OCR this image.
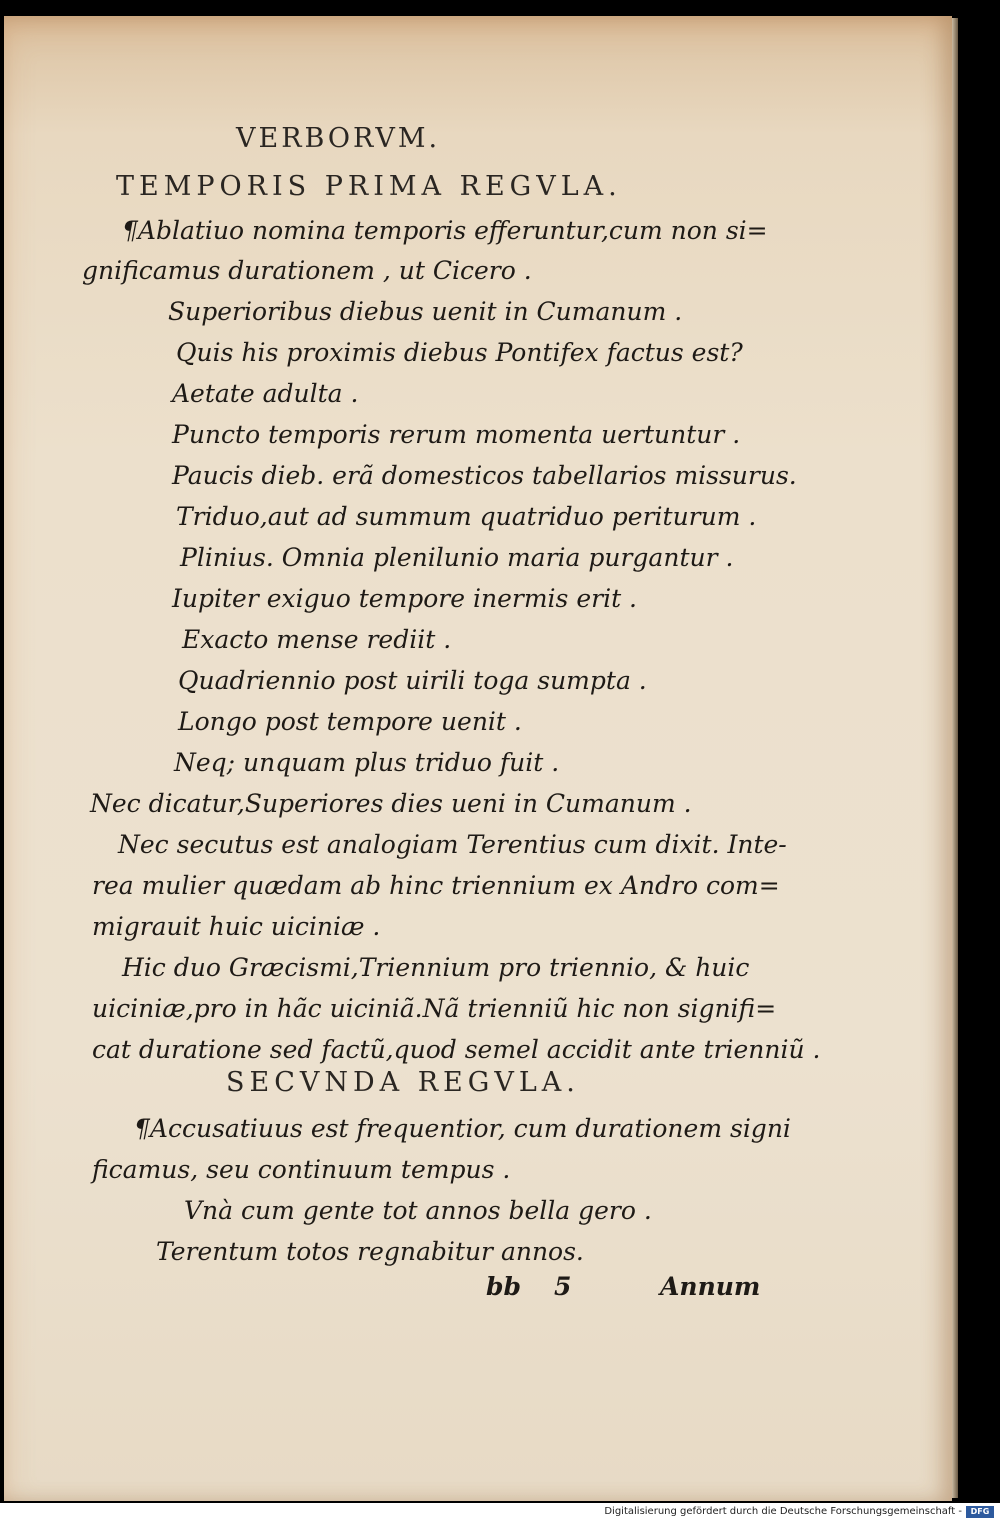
VERBORVM.
TEMPORIS PRIMA REGVLA.
¶Ablatiuo nomina temporis efferuntur,cum non si=
gnificamus durationem , ut Cicero .
Superioribus diebus uenit in Cumanum .
Quis his proximis diebus Pontifex factus est?
Aetate adulta .
Puncto temporis rerum momenta uertuntur .
Paucis dieb. erã domesticos tabellarios missurus.
Triduo,aut ad summum quatriduo periturum .
Plinius. Omnia plenilunio maria purgantur .
Iupiter exiguo tempore inermis erit .
Exacto mense rediit .
Quadriennio post uirili toga sumpta .
Longo post tempore uenit .
Neq; unquam plus triduo fuit .
Nec dicatur,Superiores dies ueni in Cumanum .
Nec secutus est analogiam Terentius cum dixit. Inte-
rea mulier quædam ab hinc triennium ex Andro com=
migrauit huic uiciniæ .
Hic duo Græcismi,Triennium pro triennio, & huic
uiciniæ,pro in hãc uiciniã.Nã trienniũ hic non signifi=
cat duratione sed factũ,quod semel accidit ante trienniũ .
SECVNDA REGVLA.
¶Accusatiuus est frequentior, cum durationem signi
ficamus, seu continuum tempus .
Vnà cum gente tot annos bella gero .
Terentum totos regnabitur annos.
bb 5	Annum
Digitalisierung gefördert durch die Deutsche Forschungsgemeinschaft -	DFG
